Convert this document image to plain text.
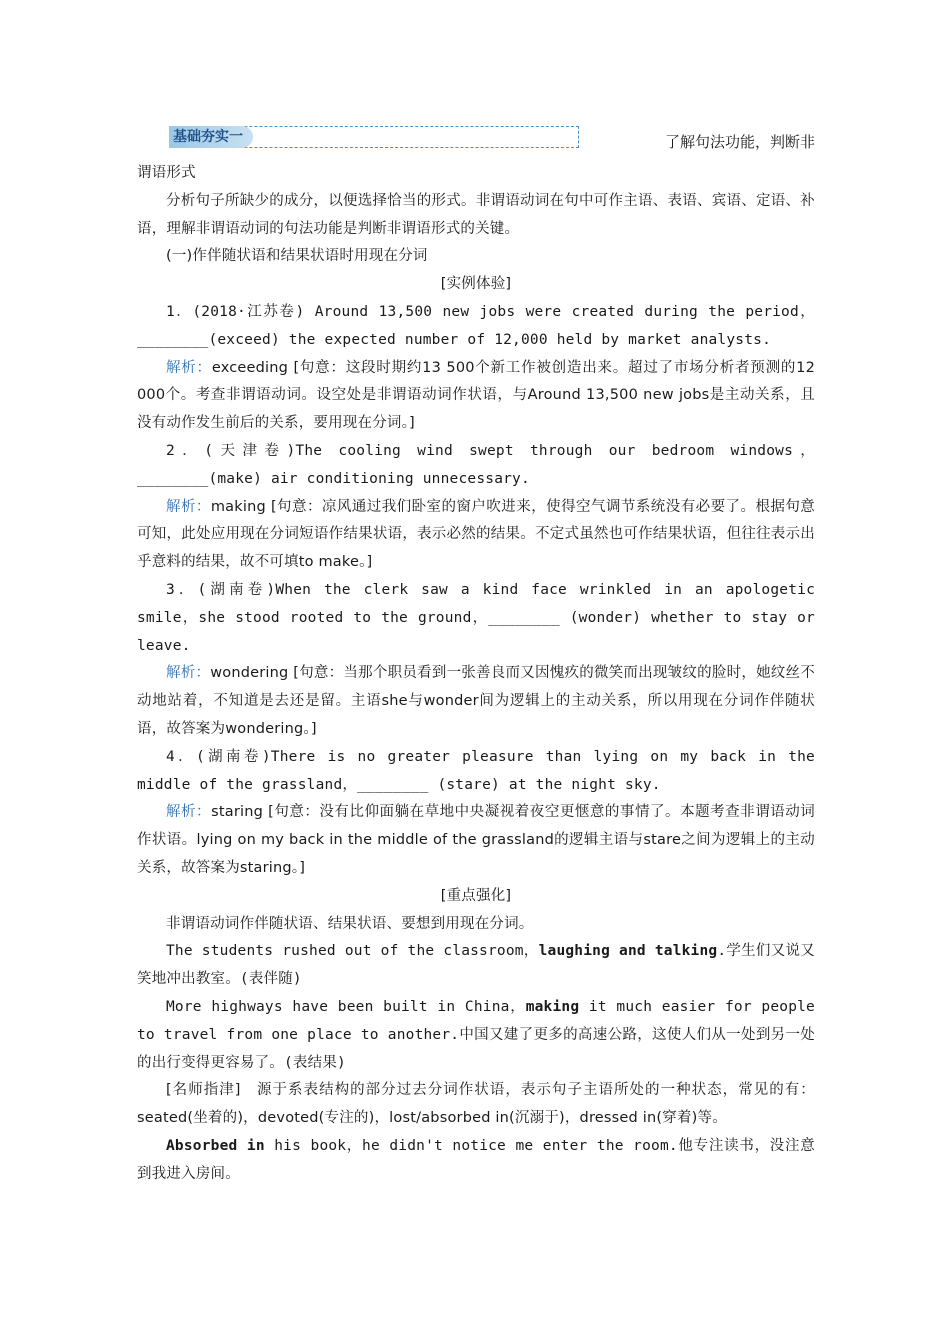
基础夯实一	了解句法功能，判断非

谓语形式

分析句子所缺少的成分，以便选择恰当的形式。非谓语动词在句中可作主语、表语、宾语、定语、补语，理解非谓语动词的句法功能是判断非谓语形式的关键。

(一)作伴随状语和结果状语时用现在分词

[实例体验]

1．(2018·江苏卷) Around 13,500 new jobs were created during the period，________(exceed) the expected number of 12,000 held by market analysts.

解析：exceeding [句意：这段时期约13 500个新工作被创造出来。超过了市场分析者预测的12 000个。考查非谓语动词。设空处是非谓语动词作状语，与Around 13,500 new jobs是主动关系，且没有动作发生前后的关系，要用现在分词。]

2．(天津卷)The cooling wind swept through our bedroom windows，________(make) air conditioning unnecessary.

解析：making [句意：凉风通过我们卧室的窗户吹进来，使得空气调节系统没有必要了。根据句意可知，此处应用现在分词短语作结果状语，表示必然的结果。不定式虽然也可作结果状语，但往往表示出乎意料的结果，故不可填to make。]

3．(湖南卷)When the clerk saw a kind face wrinkled in an apologetic smile，she stood rooted to the ground，________ (wonder) whether to stay or leave.

解析：wondering [句意：当那个职员看到一张善良而又因愧疚的微笑而出现皱纹的脸时，她纹丝不动地站着，不知道是去还是留。主语she与wonder间为逻辑上的主动关系，所以用现在分词作伴随状语，故答案为wondering。]

4．(湖南卷)There is no greater pleasure than lying on my back in the middle of the grassland，________ (stare) at the night sky.

解析：staring [句意：没有比仰面躺在草地中央凝视着夜空更惬意的事情了。本题考查非谓语动词作状语。lying on my back in the middle of the grassland的逻辑主语与stare之间为逻辑上的主动关系，故答案为staring。]

[重点强化]

非谓语动词作伴随状语、结果状语、要想到用现在分词。

The students rushed out of the classroom，laughing and talking.学生们又说又笑地冲出教室。(表伴随)

More highways have been built in China，making it much easier for people to travel from one place to another.中国又建了更多的高速公路，这使人们从一处到另一处的出行变得更容易了。(表结果)

[名师指津]　源于系表结构的部分过去分词作状语，表示句子主语所处的一种状态，常见的有：seated(坐着的)，devoted(专注的)，lost/absorbed in(沉溺于)，dressed in(穿着)等。

Absorbed in his book，he didn't notice me enter the room.他专注读书，没注意到我进入房间。
